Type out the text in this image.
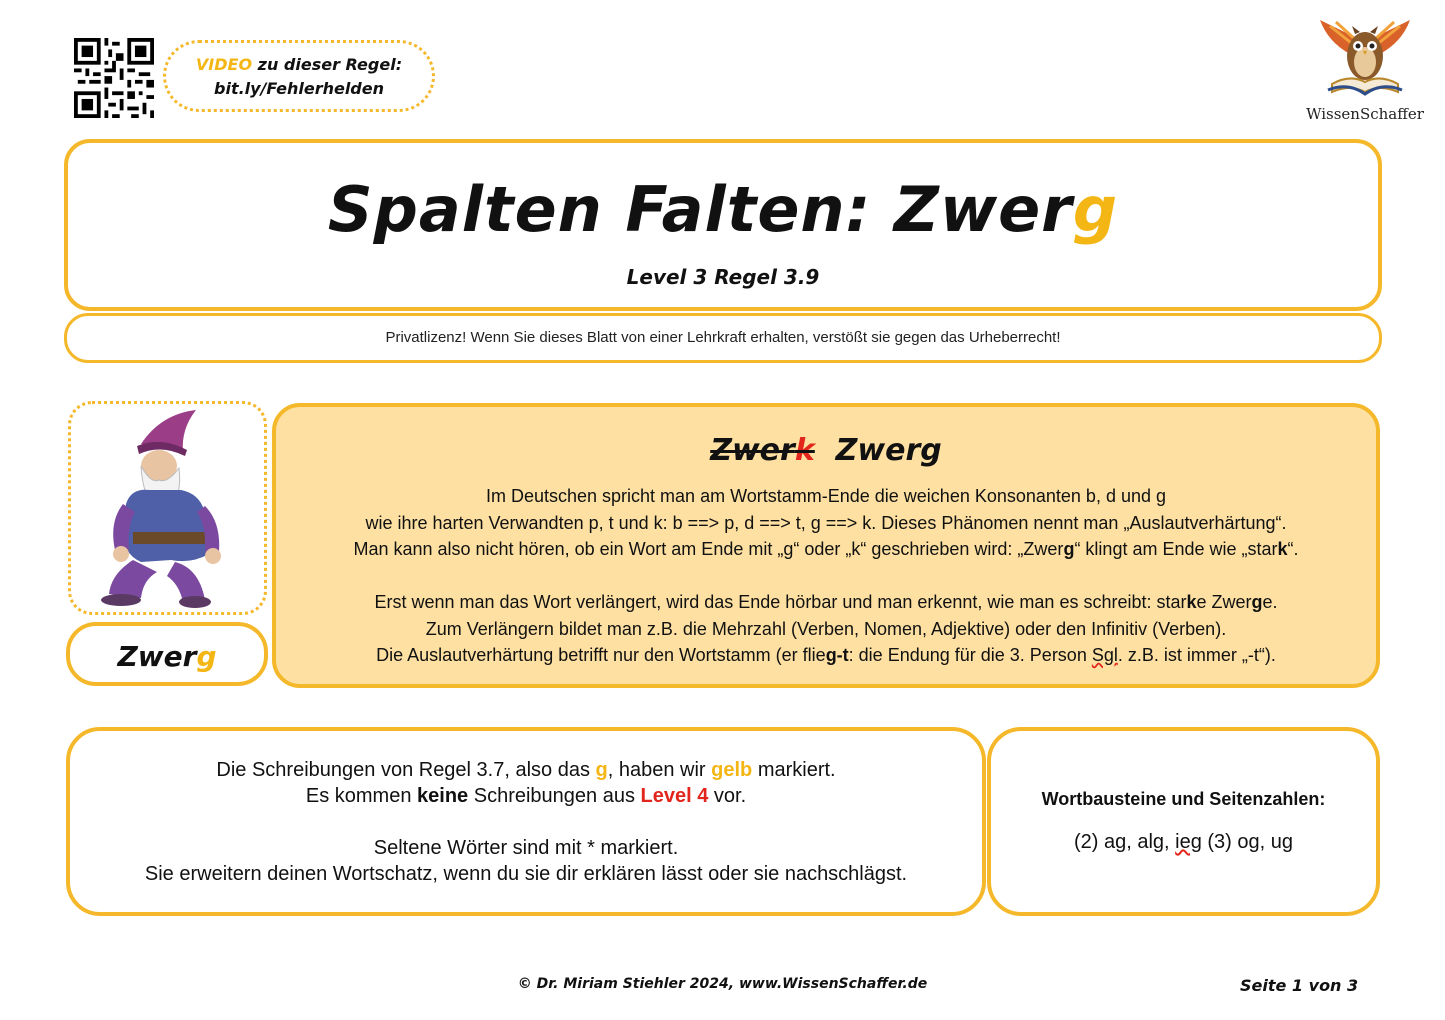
VIDEO zu dieser Regel:
bit.ly/Fehlerhelden
WissenSchaffer
Spalten Falten: Zwerg
Level 3 Regel 3.9
Privatlizenz! Wenn Sie dieses Blatt von einer Lehrkraft erhalten, verstößt sie gegen das Urheberrecht!
Zwerg
Zwerk Zwerg
Im Deutschen spricht man am Wortstamm-Ende die weichen Konsonanten b, d und g
wie ihre harten Verwandten p, t und k: b ==> p, d ==> t, g ==> k. Dieses Phänomen nennt man „Auslautverhärtung“.
Man kann also nicht hören, ob ein Wort am Ende mit „g“ oder „k“ geschrieben wird: „Zwerg“ klingt am Ende wie „stark“.
Erst wenn man das Wort verlängert, wird das Ende hörbar und man erkennt, wie man es schreibt: starke Zwerge.
Zum Verlängern bildet man z.B. die Mehrzahl (Verben, Nomen, Adjektive) oder den Infinitiv (Verben).
Die Auslautverhärtung betrifft nur den Wortstamm (er flieg-t: die Endung für die 3. Person Sgl. z.B. ist immer „-t“).
Die Schreibungen von Regel 3.7, also das g, haben wir gelb markiert.
Es kommen keine Schreibungen aus Level 4 vor.
Seltene Wörter sind mit * markiert.
Sie erweitern deinen Wortschatz, wenn du sie dir erklären lässt oder sie nachschlägst.
Wortbausteine und Seitenzahlen:
(2) ag, alg, ieg (3) og, ug
© Dr. Miriam Stiehler 2024, www.WissenSchaffer.de	Seite 1 von 3
